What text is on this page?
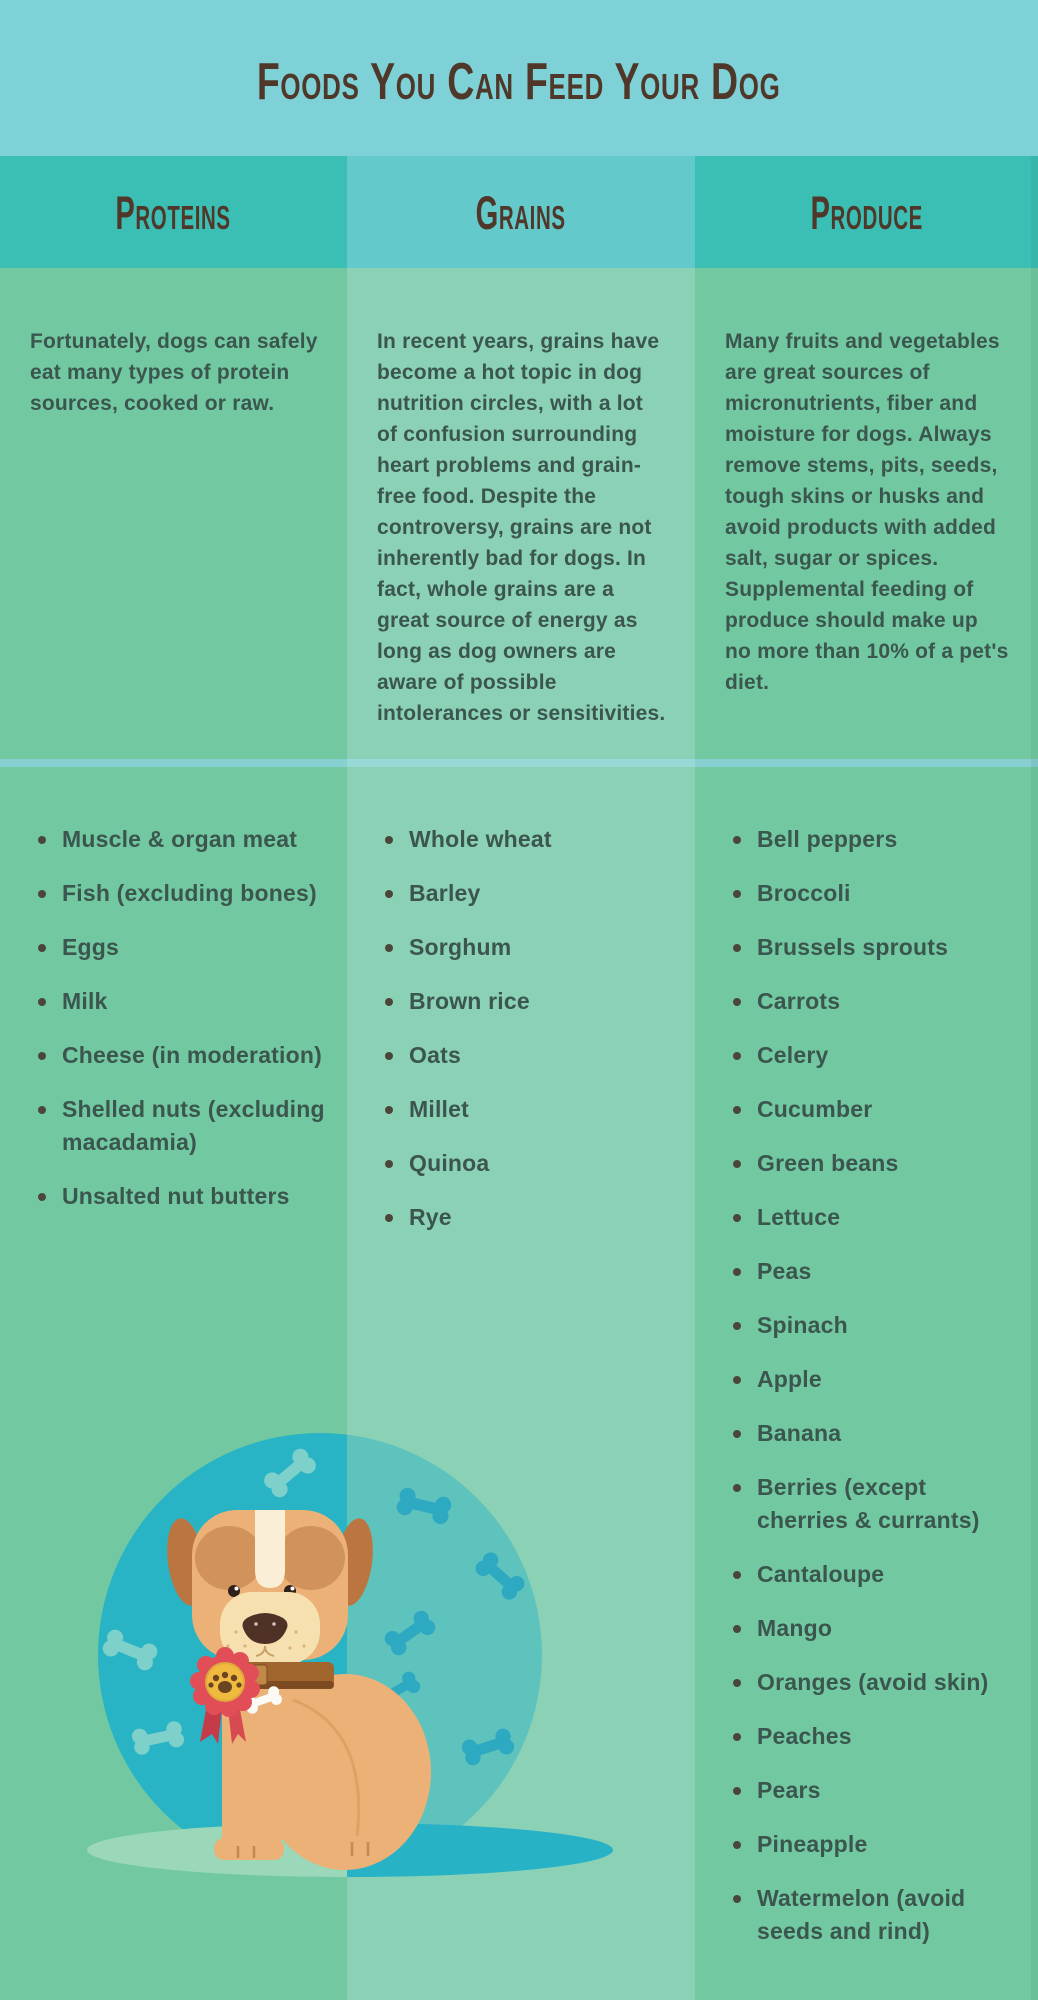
Foods You Can Feed Your Dog
Proteins

Fortunately, dogs can safely eat many types of protein sources, cooked or raw.

Muscle & organ meat
Fish (excluding bones)
Eggs
Milk
Cheese (in moderation)
Shelled nuts (excluding macadamia)
Unsalted nut butters
Grains

In recent years, grains have become a hot topic in dog nutrition circles, with a lot of confusion surrounding heart problems and grain-free food. Despite the controversy, grains are not inherently bad for dogs. In fact, whole grains are a great source of energy as long as dog owners are aware of possible intolerances or sensitivities.

Whole wheat
Barley
Sorghum
Brown rice
Oats
Millet
Quinoa
Rye
Produce

Many fruits and vegetables are great sources of micronutrients, fiber and moisture for dogs. Always remove stems, pits, seeds, tough skins or husks and avoid products with added salt, sugar or spices. Supplemental feeding of produce should make up no more than 10% of a pet's diet.

Bell peppers
Broccoli
Brussels sprouts
Carrots
Celery
Cucumber
Green beans
Lettuce
Peas
Spinach
Apple
Banana
Berries (except cherries & currants)
Cantaloupe
Mango
Oranges (avoid skin)
Peaches
Pears
Pineapple
Watermelon (avoid seeds and rind)
